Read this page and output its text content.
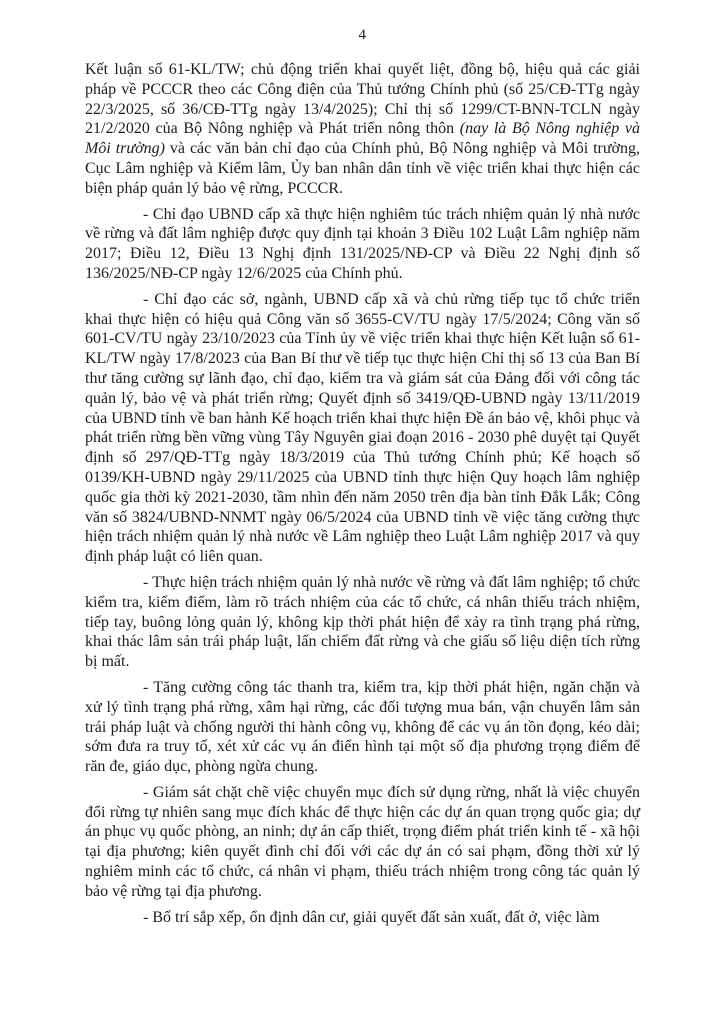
4

Kết luận số 61-KL/TW; chủ động triển khai quyết liệt, đồng bộ, hiệu quả các giải pháp về PCCCR theo các Công điện của Thủ tướng Chính phủ (số 25/CĐ-TTg ngày 22/3/2025, số 36/CĐ-TTg ngày 13/4/2025); Chỉ thị số 1299/CT-BNN-TCLN ngày 21/2/2020 của Bộ Nông nghiệp và Phát triển nông thôn (nay là Bộ Nông nghiệp và Môi trường) và các văn bản chỉ đạo của Chính phủ, Bộ Nông nghiệp và Môi trường, Cục Lâm nghiệp và Kiểm lâm, Ủy ban nhân dân tỉnh về việc triển khai thực hiện các biện pháp quản lý bảo vệ rừng, PCCCR.

- Chỉ đạo UBND cấp xã thực hiện nghiêm túc trách nhiệm quản lý nhà nước về rừng và đất lâm nghiệp được quy định tại khoản 3 Điều 102 Luật Lâm nghiệp năm 2017; Điều 12, Điều 13 Nghị định 131/2025/NĐ-CP và Điều 22 Nghị định số 136/2025/NĐ-CP ngày 12/6/2025 của Chính phủ.

- Chỉ đạo các sở, ngành, UBND cấp xã và chủ rừng tiếp tục tổ chức triển khai thực hiện có hiệu quả Công văn số 3655-CV/TU ngày 17/5/2024; Công văn số 601-CV/TU ngày 23/10/2023 của Tỉnh ủy về việc triển khai thực hiện Kết luận số 61-KL/TW ngày 17/8/2023 của Ban Bí thư về tiếp tục thực hiện Chỉ thị số 13 của Ban Bí thư tăng cường sự lãnh đạo, chỉ đạo, kiểm tra và giám sát của Đảng đối với công tác quản lý, bảo vệ và phát triển rừng; Quyết định số 3419/QĐ-UBND ngày 13/11/2019 của UBND tỉnh về ban hành Kế hoạch triển khai thực hiện Đề án bảo vệ, khôi phục và phát triển rừng bền vững vùng Tây Nguyên giai đoạn 2016 - 2030 phê duyệt tại Quyết định số 297/QĐ-TTg ngày 18/3/2019 của Thủ tướng Chính phủ; Kế hoạch số 0139/KH-UBND ngày 29/11/2025 của UBND tỉnh thực hiện Quy hoạch lâm nghiệp quốc gia thời kỳ 2021-2030, tầm nhìn đến năm 2050 trên địa bàn tỉnh Đắk Lắk; Công văn số 3824/UBND-NNMT ngày 06/5/2024 của UBND tỉnh về việc tăng cường thực hiện trách nhiệm quản lý nhà nước về Lâm nghiệp theo Luật Lâm nghiệp 2017 và quy định pháp luật có liên quan.

- Thực hiện trách nhiệm quản lý nhà nước về rừng và đất lâm nghiệp; tổ chức kiểm tra, kiểm điểm, làm rõ trách nhiệm của các tổ chức, cá nhân thiếu trách nhiệm, tiếp tay, buông lỏng quản lý, không kịp thời phát hiện để xảy ra tình trạng phá rừng, khai thác lâm sản trái pháp luật, lấn chiếm đất rừng và che giấu số liệu diện tích rừng bị mất.

- Tăng cường công tác thanh tra, kiểm tra, kịp thời phát hiện, ngăn chặn và xử lý tình trạng phá rừng, xâm hại rừng, các đối tượng mua bán, vận chuyển lâm sản trái pháp luật và chống người thi hành công vụ, không để các vụ án tồn đọng, kéo dài; sớm đưa ra truy tố, xét xử các vụ án điển hình tại một số địa phương trọng điểm để răn đe, giáo dục, phòng ngừa chung.

- Giám sát chặt chẽ việc chuyển mục đích sử dụng rừng, nhất là việc chuyển đổi rừng tự nhiên sang mục đích khác để thực hiện các dự án quan trọng quốc gia; dự án phục vụ quốc phòng, an ninh; dự án cấp thiết, trọng điểm phát triển kinh tế - xã hội tại địa phương; kiên quyết đình chỉ đối với các dự án có sai phạm, đồng thời xử lý nghiêm minh các tổ chức, cá nhân vi phạm, thiếu trách nhiệm trong công tác quản lý bảo vệ rừng tại địa phương.

- Bố trí sắp xếp, ổn định dân cư, giải quyết đất sản xuất, đất ở, việc làm
